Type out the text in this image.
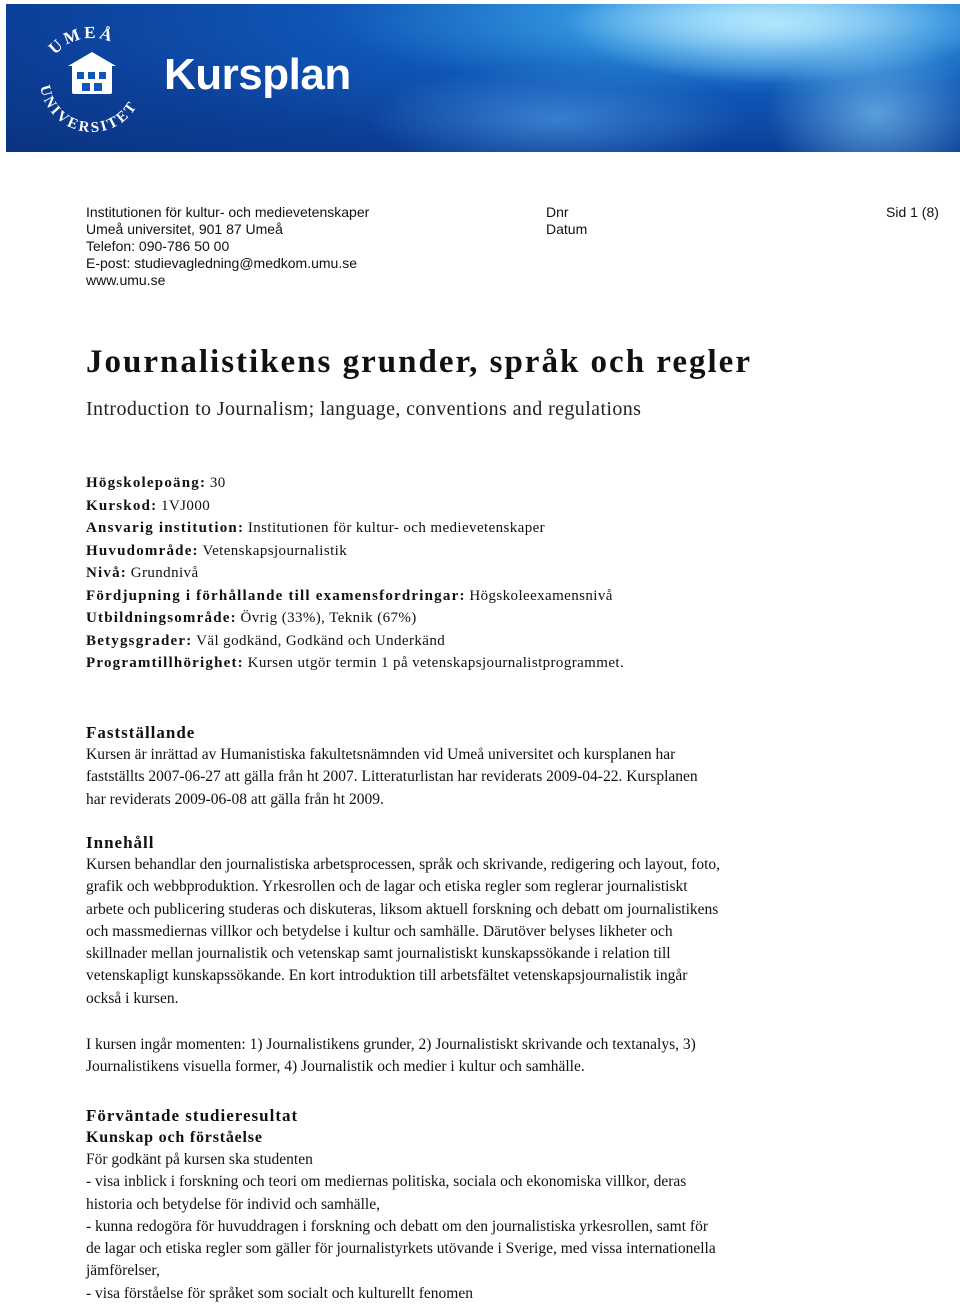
UMEÅ
UNIVERSITET
Kursplan
Institutionen för kultur- och medievetenskaper
Umeå universitet, 901 87 Umeå
Telefon: 090-786 50 00
E-post: studievagledning@medkom.umu.se
www.umu.se
Dnr
Datum
Sid 1 (8)
Journalistikens grunder, språk och regler
Introduction to Journalism; language, conventions and regulations
Högskolepoäng: 30
Kurskod: 1VJ000
Ansvarig institution: Institutionen för kultur- och medievetenskaper
Huvudområde: Vetenskapsjournalistik
Nivå: Grundnivå
Fördjupning i förhållande till examensfordringar: Högskoleexamensnivå
Utbildningsområde: Övrig (33%), Teknik (67%)
Betygsgrader: Väl godkänd, Godkänd och Underkänd
Programtillhörighet: Kursen utgör termin 1 på vetenskapsjournalistprogrammet.
Fastställande

Kursen är inrättad av Humanistiska fakultetsnämnden vid Umeå universitet och kursplanen har

fastställts 2007-06-27 att gälla från ht 2007. Litteraturlistan har reviderats 2009-04-22. Kursplanen

har reviderats 2009-06-08 att gälla från ht 2009.

Innehåll

Kursen behandlar den journalistiska arbetsprocessen, språk och skrivande, redigering och layout, foto,

grafik och webbproduktion. Yrkesrollen och de lagar och etiska regler som reglerar journalistiskt

arbete och publicering studeras och diskuteras, liksom aktuell forskning och debatt om journalistikens

och massmediernas villkor och betydelse i kultur och samhälle. Därutöver belyses likheter och

skillnader mellan journalistik och vetenskap samt journalistiskt kunskapssökande i relation till

vetenskapligt kunskapssökande. En kort introduktion till arbetsfältet vetenskapsjournalistik ingår

också i kursen.

I kursen ingår momenten: 1) Journalistikens grunder, 2) Journalistiskt skrivande och textanalys, 3)

Journalistikens visuella former, 4) Journalistik och medier i kultur och samhälle.

Förväntade studieresultat
Kunskap och förståelse

För godkänt på kursen ska studenten

- visa inblick i forskning och teori om mediernas politiska, sociala och ekonomiska villkor, deras

historia och betydelse för individ och samhälle,

- kunna redogöra för huvuddragen i forskning och debatt om den journalistiska yrkesrollen, samt för

de lagar och etiska regler som gäller för journalistyrkets utövande i Sverige, med vissa internationella

jämförelser,

- visa förståelse för språket som socialt och kulturellt fenomen
